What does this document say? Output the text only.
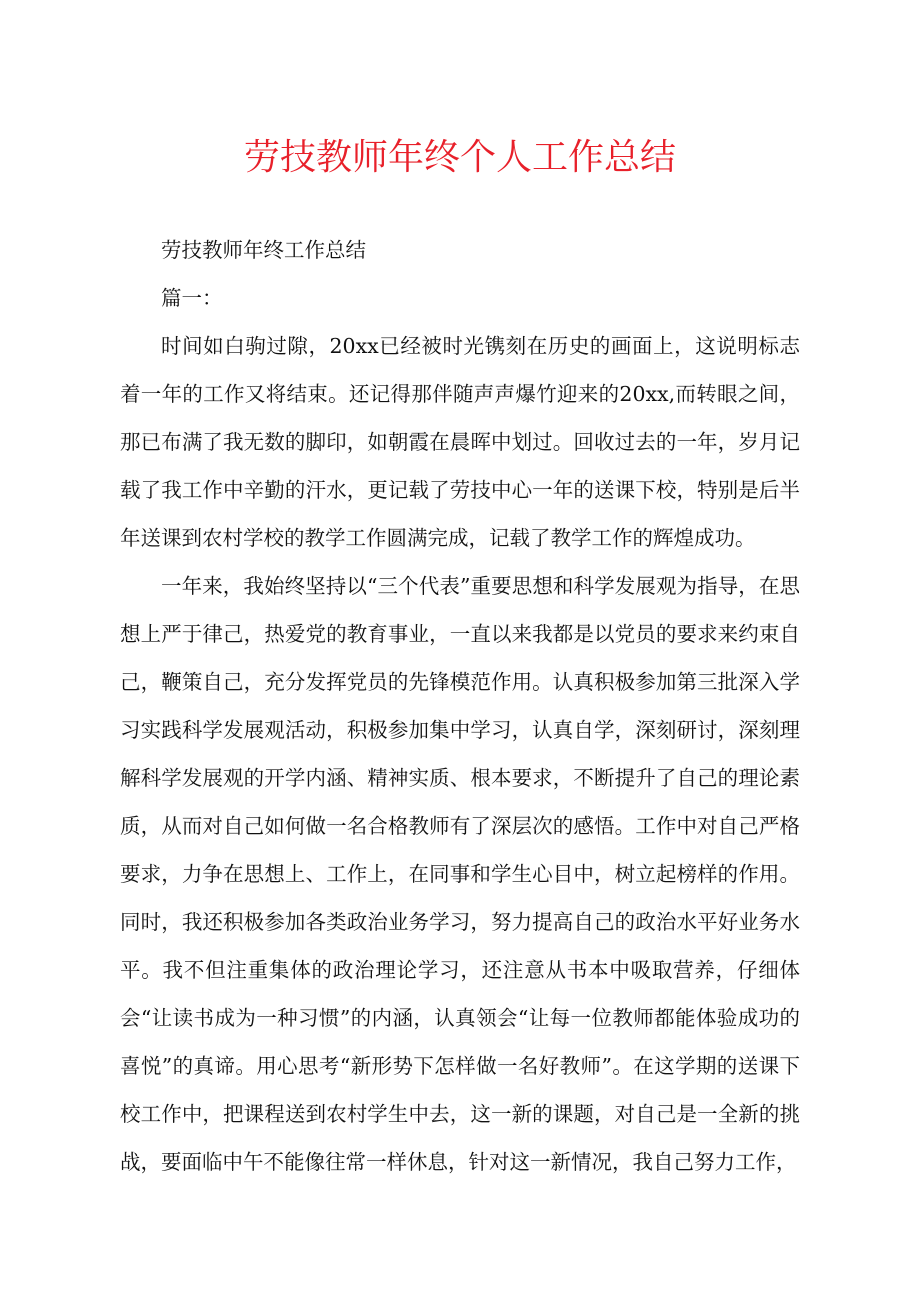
劳技教师年终个人工作总结

劳技教师年终工作总结

篇一：

时间如白驹过隙，20xx已经被时光镌刻在历史的画面上，这说明标志着一年的工作又将结束。还记得那伴随声声爆竹迎来的20xx,而转眼之间，那已布满了我无数的脚印，如朝霞在晨晖中划过。回收过去的一年，岁月记载了我工作中辛勤的汗水，更记载了劳技中心一年的送课下校，特别是后半年送课到农村学校的教学工作圆满完成，记载了教学工作的辉煌成功。

一年来，我始终坚持以“三个代表”重要思想和科学发展观为指导，在思想上严于律己，热爱党的教育事业，一直以来我都是以党员的要求来约束自己，鞭策自己，充分发挥党员的先锋模范作用。认真积极参加第三批深入学习实践科学发展观活动，积极参加集中学习，认真自学，深刻研讨，深刻理解科学发展观的开学内涵、精神实质、根本要求，不断提升了自己的理论素质，从而对自己如何做一名合格教师有了深层次的感悟。工作中对自己严格要求，力争在思想上、工作上，在同事和学生心目中，树立起榜样的作用。同时，我还积极参加各类政治业务学习，努力提高自己的政治水平好业务水平。我不但注重集体的政治理论学习，还注意从书本中吸取营养，仔细体会“让读书成为一种习惯”的内涵，认真领会“让每一位教师都能体验成功的喜悦”的真谛。用心思考“新形势下怎样做一名好教师”。在这学期的送课下校工作中，把课程送到农村学生中去，这一新的课题，对自己是一全新的挑战，要面临中午不能像往常一样休息，针对这一新情况，我自己努力工作，
